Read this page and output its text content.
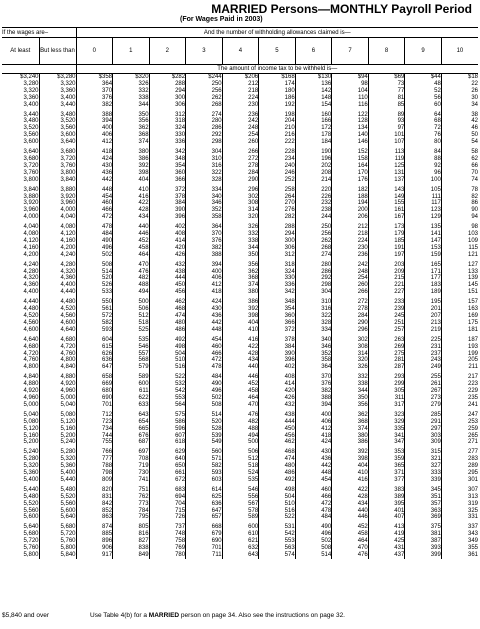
MARRIED Persons—MONTHLY Payroll Period
(For Wages Paid in 2003)
If the wages are–		And the number of withholding allowances claimed is—										
At least	But less than	0	1	2	3	4	5	6	7	8	9	10
		The amount of income tax to be withheld is—										
$3,240	$3,280	$358	$320	$282	$244	$206	$168	$130	$94	$69	$44	$18
3,280	3,320	364	326	288	250	212	174	136	98	73	48	22
3,320	3,360	370	332	294	256	218	180	142	104	77	52	26
3,360	3,400	376	338	300	262	224	186	148	110	81	56	30
3,400	3,440	382	344	306	268	230	192	154	116	85	60	34
3,440	3,480	388	350	312	274	236	198	160	122	89	64	38
3,480	3,520	394	356	318	280	242	204	166	128	93	68	42
3,520	3,560	400	362	324	286	248	210	172	134	97	72	46
3,560	3,600	406	368	330	292	254	216	178	140	101	76	50
3,600	3,640	412	374	336	298	260	222	184	146	107	80	54
3,640	3,680	418	380	342	304	266	228	190	152	113	84	58
3,680	3,720	424	386	348	310	272	234	196	158	119	88	62
3,720	3,760	430	392	354	316	278	240	202	164	125	92	66
3,760	3,800	436	398	360	322	284	246	208	170	131	96	70
3,800	3,840	442	404	366	328	290	252	214	176	137	100	74
3,840	3,880	448	410	372	334	296	258	220	182	143	105	78
3,880	3,920	454	416	378	340	302	264	226	188	149	111	82
3,920	3,960	460	422	384	346	308	270	232	194	155	117	86
3,960	4,000	466	428	390	352	314	276	238	200	161	123	90
4,000	4,040	472	434	396	358	320	282	244	206	167	129	94
4,040	4,080	478	440	402	364	326	288	250	212	173	135	98
4,080	4,120	484	446	408	370	332	294	256	218	179	141	103
4,120	4,160	490	452	414	376	338	300	262	224	185	147	109
4,160	4,200	496	458	420	382	344	306	268	230	191	153	115
4,200	4,240	502	464	426	388	350	312	274	236	197	159	121
4,240	4,280	508	470	432	394	356	318	280	242	203	165	127
4,280	4,320	514	476	438	400	362	324	286	248	209	171	133
4,320	4,360	520	482	444	406	368	330	292	254	215	177	139
4,360	4,400	526	488	450	412	374	336	298	260	221	183	145
4,400	4,440	533	494	456	418	380	342	304	266	227	189	151
4,440	4,480	550	500	462	424	386	348	310	272	233	195	157
4,480	4,520	561	506	468	430	392	354	316	278	239	201	163
4,520	4,560	572	512	474	436	398	360	322	284	245	207	169
4,560	4,600	582	518	480	442	404	366	328	290	251	213	175
4,600	4,640	593	525	486	448	410	372	334	296	257	219	181
4,640	4,680	604	535	492	454	416	378	340	302	263	225	187
4,680	4,720	615	546	498	460	422	384	346	308	269	231	193
4,720	4,760	626	557	504	466	428	390	352	314	275	237	199
4,760	4,800	636	568	510	472	434	396	358	320	281	243	205
4,800	4,840	647	579	516	478	440	402	364	326	287	249	211
4,840	4,880	658	589	522	484	446	408	370	332	293	255	217
4,880	4,920	669	600	532	490	452	414	376	338	299	261	223
4,920	4,960	680	611	542	496	458	420	382	344	305	267	229
4,960	5,000	690	622	553	502	464	426	388	350	311	273	235
5,000	5,040	701	633	564	508	470	432	394	356	317	279	241
5,040	5,080	712	643	575	514	476	438	400	362	323	285	247
5,080	5,120	723	654	586	520	482	444	406	368	329	291	253
5,120	5,160	734	665	596	528	488	450	412	374	335	297	259
5,160	5,200	744	676	607	539	494	456	418	380	341	303	265
5,200	5,240	755	687	618	549	500	462	424	386	347	309	271
5,240	5,280	766	697	629	560	506	468	430	392	353	315	277
5,280	5,320	777	708	640	571	512	474	436	398	359	321	283
5,320	5,360	788	719	650	582	518	480	442	404	365	327	289
5,360	5,400	798	730	661	593	524	486	448	410	371	333	295
5,400	5,440	809	741	672	603	535	492	454	416	377	339	301
5,440	5,480	820	751	683	614	546	498	460	422	383	345	307
5,480	5,520	831	762	694	625	556	504	466	428	389	351	313
5,520	5,560	842	773	704	636	567	510	472	434	395	357	319
5,560	5,600	852	784	715	647	578	516	478	440	401	363	325
5,600	5,640	863	795	726	657	589	522	484	446	407	369	331
5,640	5,680	874	805	737	668	600	531	490	452	413	375	337
5,680	5,720	885	816	748	679	610	542	496	458	419	381	343
5,720	5,760	896	827	758	690	621	553	502	464	425	387	349
5,760	5,800	906	838	769	701	632	563	508	470	431	393	355
5,800	5,840	917	849	780	711	643	574	514	476	437	399	361
$5,840 and over	Use Table 4(b) for a MARRIED person on page 34. Also see the instructions on page 32.
